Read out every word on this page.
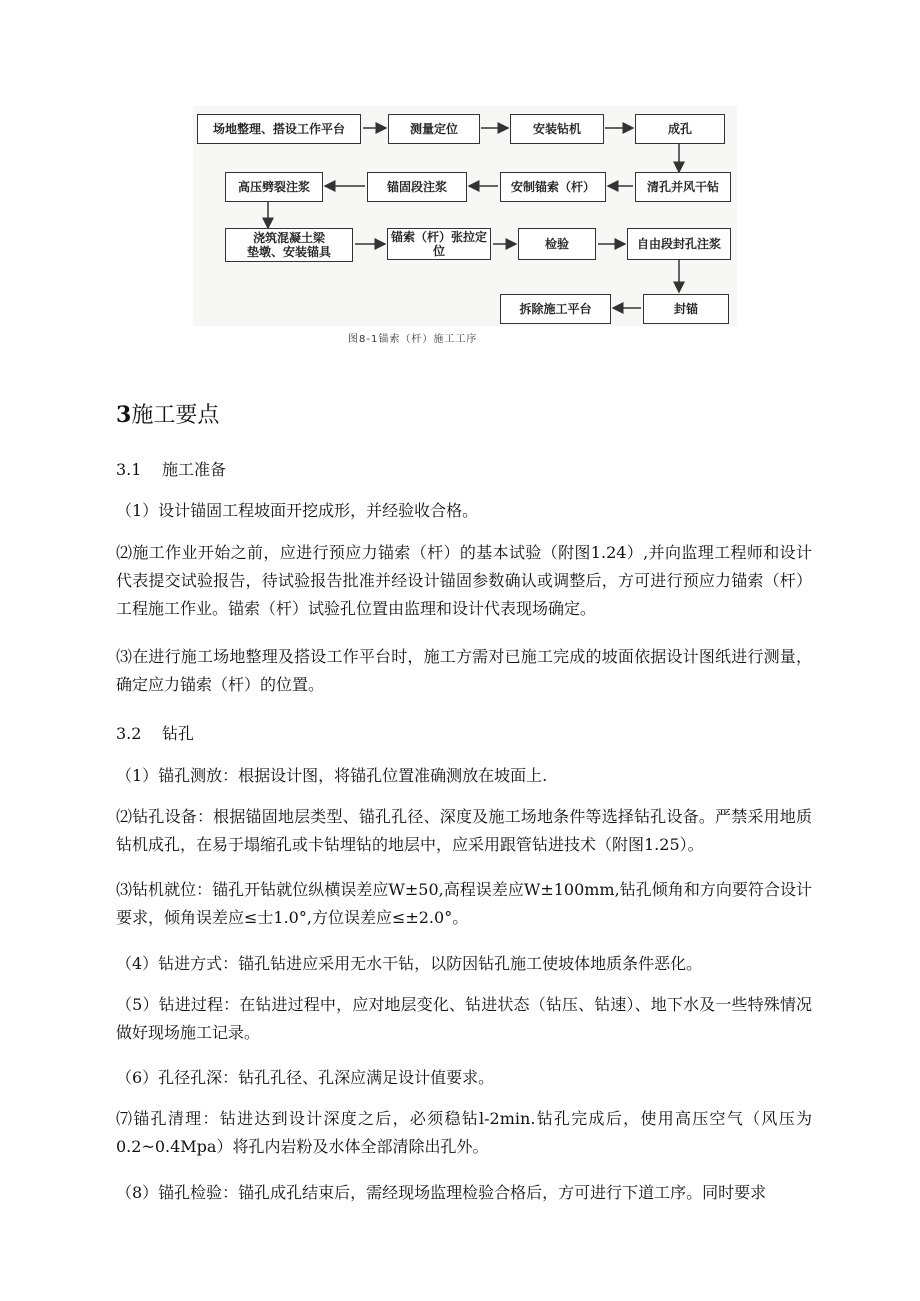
场地整理、搭设工作平台	测量定位	安装钻机	成孔
高压劈裂注浆	锚固段注浆	安制锚索（杆）	清孔并风干钻
浇筑混凝土梁
垫墩、安装锚具
锚索（杆）张拉定位	检验	自由段封孔注浆
拆除施工平台	封锚
图8-1锚索（杆）施工工序
3施工要点
3.1 施工准备
（1）设计锚固工程坡面开挖成形，并经验收合格。
⑵施工作业开始之前，应进行预应力锚索（杆）的基本试验（附图1.24）,并向监理工程师和设计代表提交试验报告，待试验报告批准并经设计锚固参数确认或调整后，方可进行预应力锚索（杆）工程施工作业。锚索（杆）试验孔位置由监理和设计代表现场确定。
⑶在进行施工场地整理及搭设工作平台时，施工方需对已施工完成的坡面依据设计图纸进行测量，确定应力锚索（杆）的位置。
3.2 钻孔
（1）锚孔测放：根据设计图，将锚孔位置准确测放在坡面上.
⑵钻孔设备：根据锚固地层类型、锚孔孔径、深度及施工场地条件等选择钻孔设备。严禁采用地质钻机成孔，在易于塌缩孔或卡钻埋钻的地层中，应采用跟管钻进技术（附图1.25）。
⑶钻机就位：锚孔开钻就位纵横误差应W±50,高程误差应W±100mm,钻孔倾角和方向要符合设计要求，倾角误差应≤士1.0°,方位误差应≤±2.0°。
（4）钻进方式：锚孔钻进应采用无水干钻，以防因钻孔施工使坡体地质条件恶化。
（5）钻进过程：在钻进过程中，应对地层变化、钻进状态（钻压、钻速）、地下水及一些特殊情况做好现场施工记录。
（6）孔径孔深：钻孔孔径、孔深应满足设计值要求。
⑺锚孔清理：钻进达到设计深度之后，必须稳钻l-2min.钻孔完成后，使用高压空气（风压为0.2~0.4Mpa）将孔内岩粉及水体全部清除出孔外。
（8）锚孔检验：锚孔成孔结束后，需经现场监理检验合格后，方可进行下道工序。同时要求
